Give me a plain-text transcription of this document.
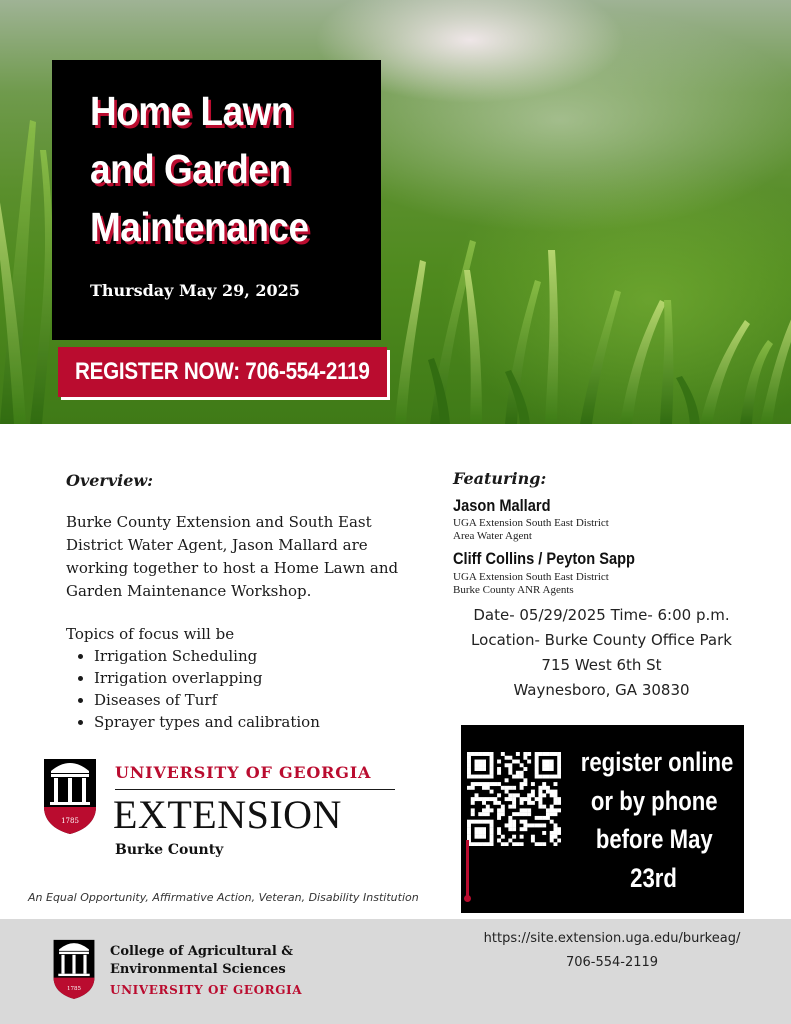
Home Lawn
and Garden
Maintenance
Thursday May 29, 2025
REGISTER NOW: 706-554-2119
Overview:
Burke County Extension and South East District Water Agent, Jason Mallard are working together to host a Home Lawn and Garden Maintenance Workshop.
Topics of focus will be
Irrigation Scheduling
Irrigation overlapping
Diseases of Turf
Sprayer types and calibration
1785
UNIVERSITY OF GEORGIA
EXTENSION
Burke County
An Equal Opportunity, Affirmative Action, Veteran, Disability Institution
Featuring:
Jason Mallard
UGA Extension South East District
Area Water Agent
Cliff Collins / Peyton Sapp
UGA Extension South East District
Burke County ANR Agents
Date- 05/29/2025 Time- 6:00 p.m.
Location- Burke County Office Park
715 West 6th St
Waynesboro, GA 30830
register online
or by phone
before May
23rd
1785
College of Agricultural &
Environmental Sciences
UNIVERSITY OF GEORGIA
https://site.extension.uga.edu/burkeag/
706-554-2119
